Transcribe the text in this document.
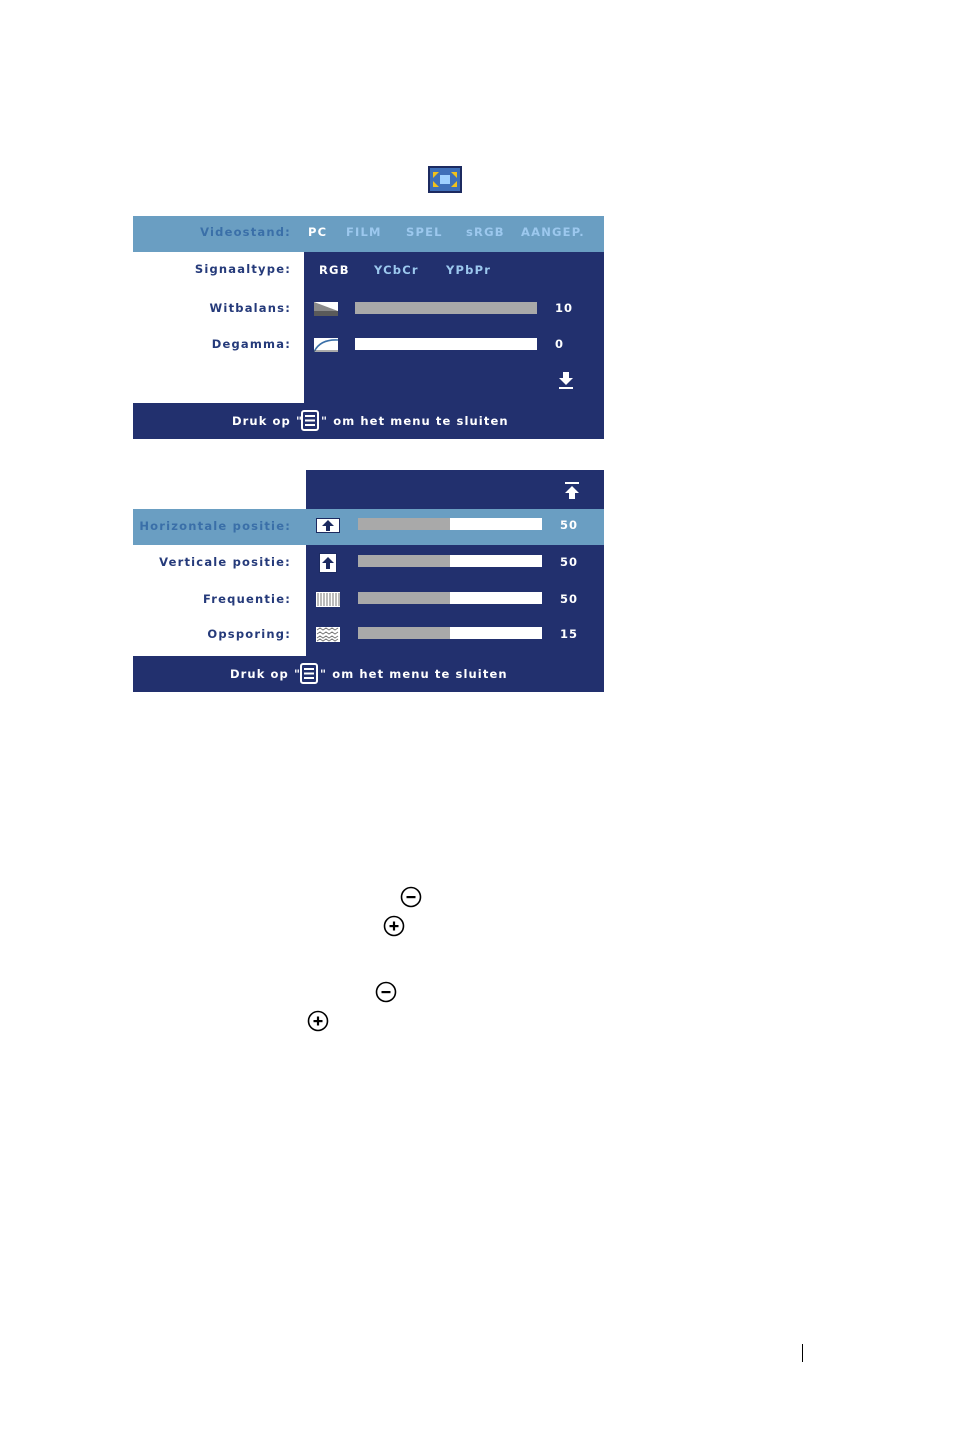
Videostand: PC FILM SPEL sRGB AANGEP.
Signaaltype: RGB YCbCr YPbPr
Witbalans:	10
Degamma:	0
Druk op " " om het menu te sluiten
Horizontale positie:	50
Verticale positie:	50
Frequentie:	50
Opsporing:	15
Druk op " " om het menu te sluiten
